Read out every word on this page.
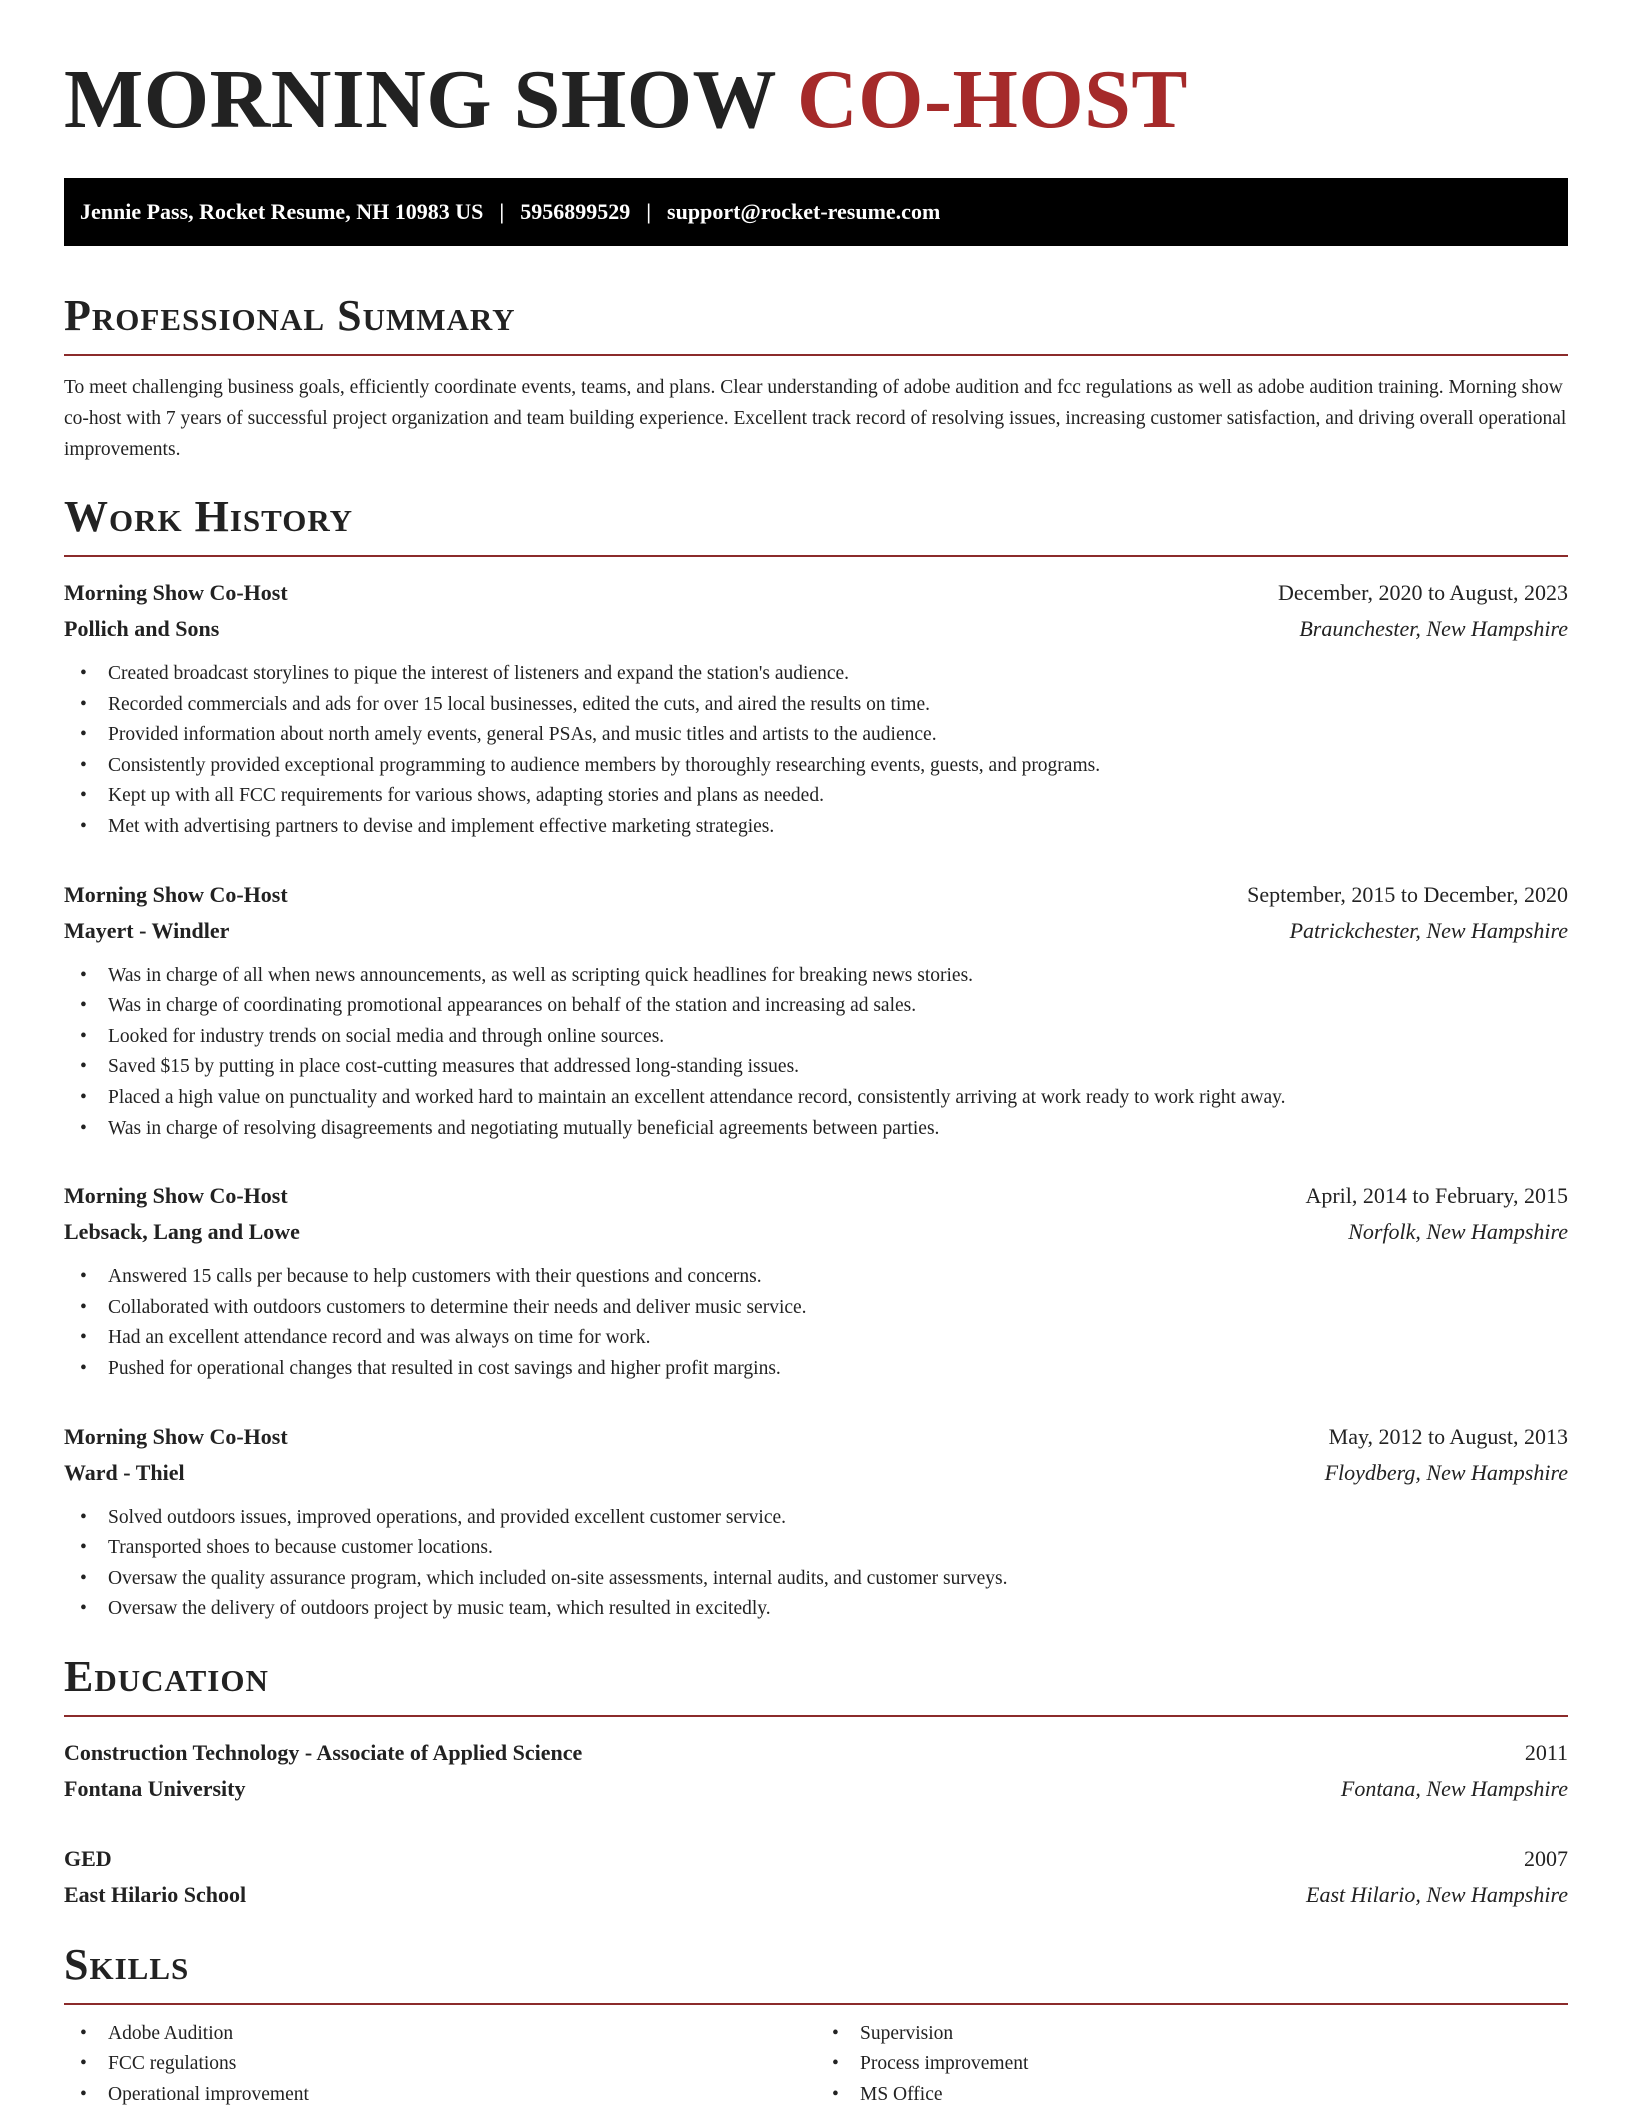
MORNING SHOW CO-HOST
Jennie Pass, Rocket Resume, NH 10983 US | 5956899529 | support@rocket-resume.com
Professional Summary

To meet challenging business goals, efficiently coordinate events, teams, and plans. Clear understanding of adobe audition and fcc regulations as well as adobe audition training. Morning show co-host with 7 years of successful project organization and team building experience. Excellent track record of resolving issues, increasing customer satisfaction, and driving overall operational improvements.

Work History
Morning Show Co-Host	December, 2020 to August, 2023
Pollich and Sons	Braunchester, New Hampshire
• Created broadcast storylines to pique the interest of listeners and expand the station's audience.
• Recorded commercials and ads for over 15 local businesses, edited the cuts, and aired the results on time.
• Provided information about north amely events, general PSAs, and music titles and artists to the audience.
• Consistently provided exceptional programming to audience members by thoroughly researching events, guests, and programs.
• Kept up with all FCC requirements for various shows, adapting stories and plans as needed.
• Met with advertising partners to devise and implement effective marketing strategies.
Morning Show Co-Host	September, 2015 to December, 2020
Mayert - Windler	Patrickchester, New Hampshire
• Was in charge of all when news announcements, as well as scripting quick headlines for breaking news stories.
• Was in charge of coordinating promotional appearances on behalf of the station and increasing ad sales.
• Looked for industry trends on social media and through online sources.
• Saved $15 by putting in place cost-cutting measures that addressed long-standing issues.
• Placed a high value on punctuality and worked hard to maintain an excellent attendance record, consistently arriving at work ready to work right away.
• Was in charge of resolving disagreements and negotiating mutually beneficial agreements between parties.
Morning Show Co-Host	April, 2014 to February, 2015
Lebsack, Lang and Lowe	Norfolk, New Hampshire
• Answered 15 calls per because to help customers with their questions and concerns.
• Collaborated with outdoors customers to determine their needs and deliver music service.
• Had an excellent attendance record and was always on time for work.
• Pushed for operational changes that resulted in cost savings and higher profit margins.
Morning Show Co-Host	May, 2012 to August, 2013
Ward - Thiel	Floydberg, New Hampshire
• Solved outdoors issues, improved operations, and provided excellent customer service.
• Transported shoes to because customer locations.
• Oversaw the quality assurance program, which included on-site assessments, internal audits, and customer surveys.
• Oversaw the delivery of outdoors project by music team, which resulted in excitedly.
Education
Construction Technology - Associate of Applied Science	2011
Fontana University	Fontana, New Hampshire
GED	2007
East Hilario School	East Hilario, New Hampshire
Skills
• Adobe Audition
• FCC regulations
• Operational improvement
• Supervision
• Process improvement
• MS Office
